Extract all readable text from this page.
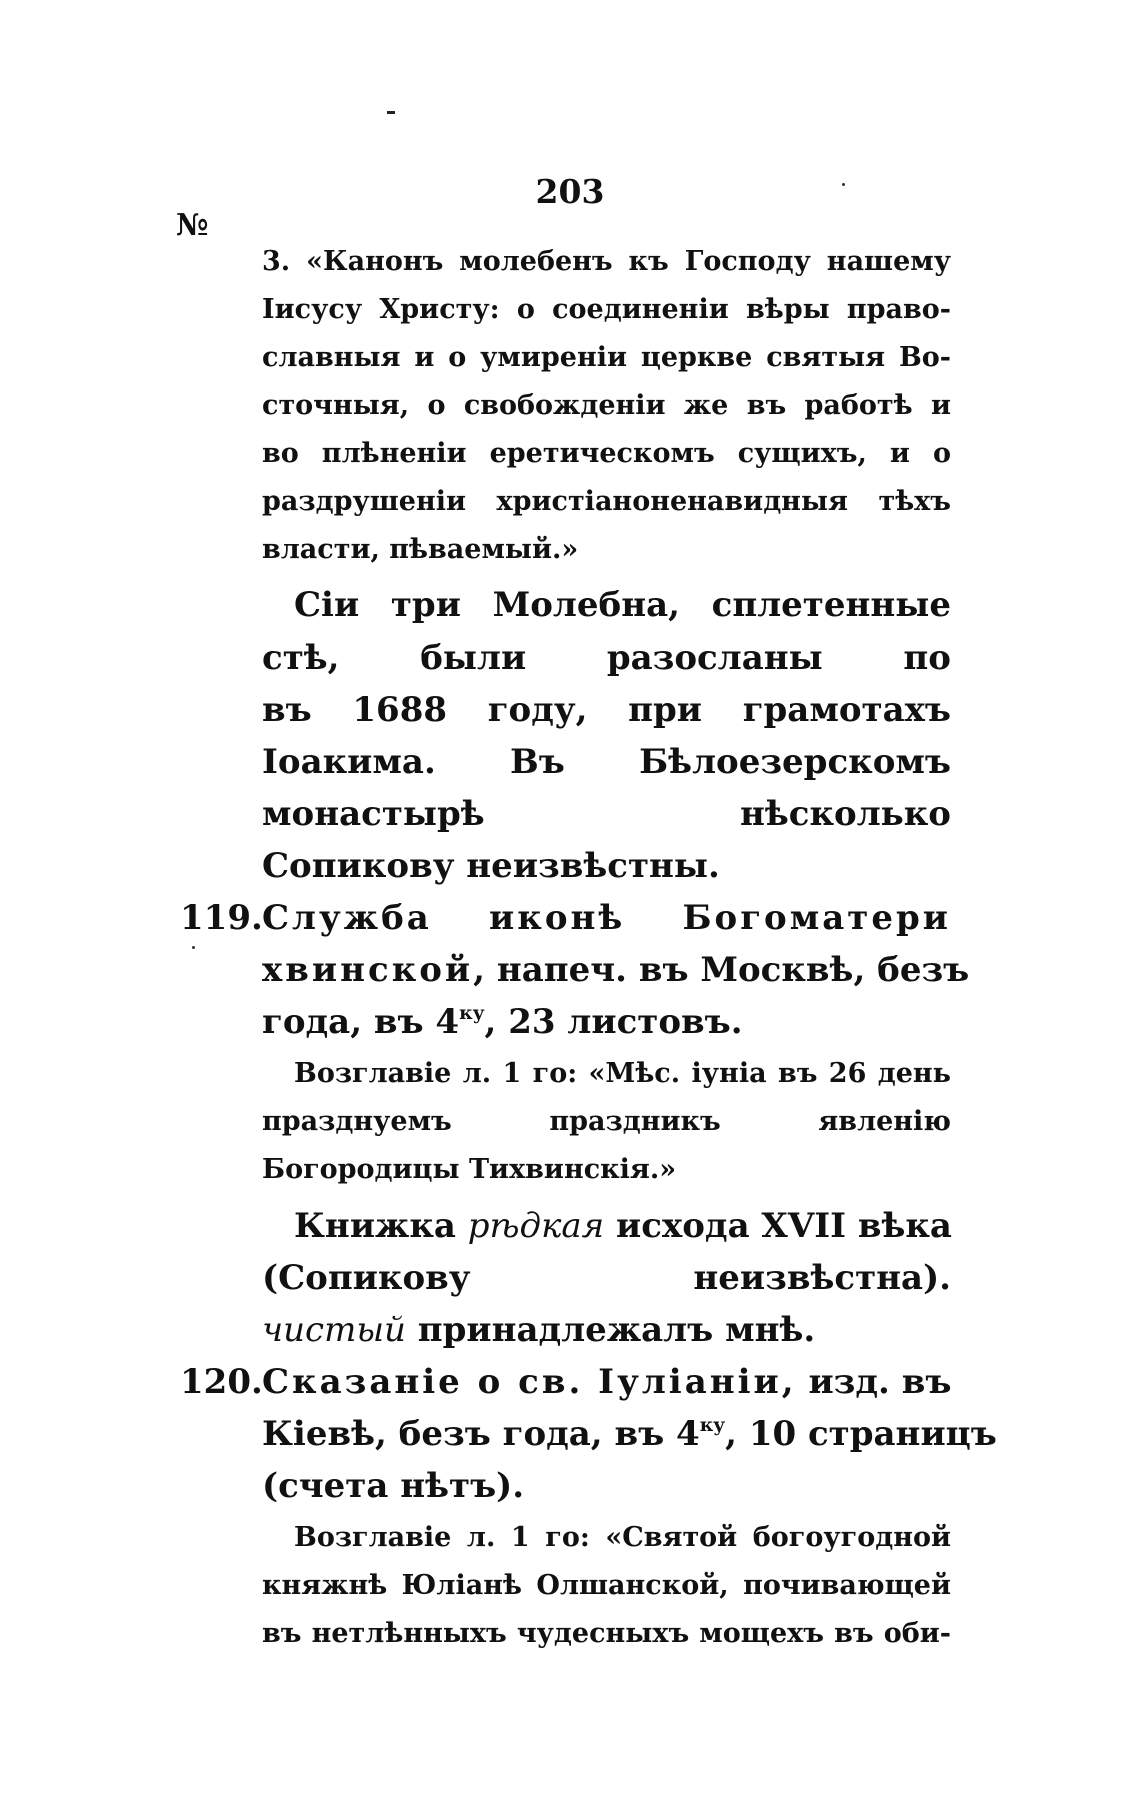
203
№
3. «Канонъ молебенъ къ Господу нашему
Іисусу Христу: о соединеніи вѣры право-
славныя и о умиреніи церкве святыя Во-
сточныя, о свобожденіи же въ работѣ и
во плѣненіи еретическомъ сущихъ, и о
раздрушеніи христіаноненавидныя тѣхъ
власти, пѣваемый.»
Сіи три Молебна, сплетенные
стѣ, были разосланы по
въ 1688 году, при грамотахъ
Іоакима. Въ Бѣлоезерскомъ
монастырѣ нѣсколько
Сопикову неизвѣстны.
119. Служба иконѣ Богоматери
хвинской, напеч. въ Москвѣ, безъ
года, въ $4^{ку}$, 23 листовъ.
Возглавіе л. 1 го: «Мѣс. іуніа въ 26 день
празднуемъ праздникъ явленію
Богородицы Тихвинскія.»
Книжка рѣдкая исхода XVII вѣка
(Сопикову неизвѣстна).
чистый принадлежалъ мнѣ.
120. Сказаніе о св. Іуліаніи, изд. въ
Кіевѣ, безъ года, въ $4^{ку}$, 10 страницъ
(счета нѣтъ).
Возглавіе л. 1 го: «Святой богоугодной
княжнѣ Юліанѣ Олшанской, почивающей
въ нетлѣнныхъ чудесныхъ мощехъ въ оби-
